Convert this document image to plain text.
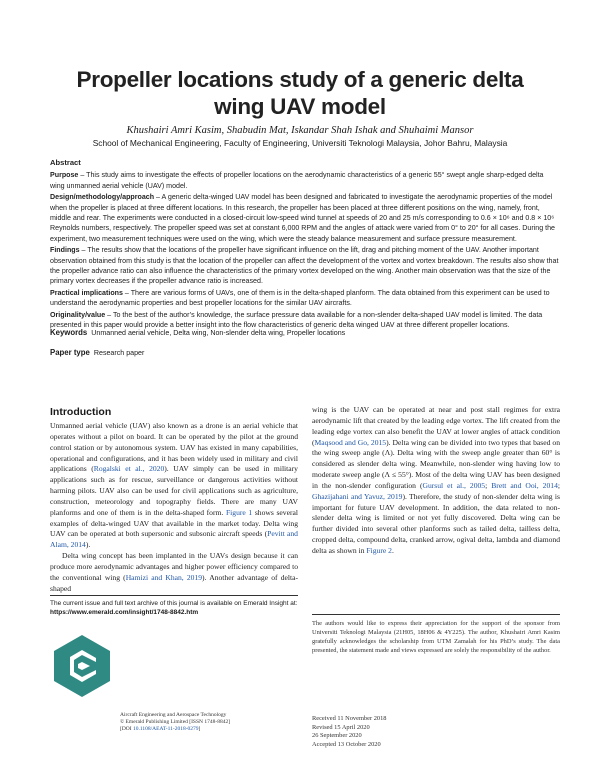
Propeller locations study of a generic delta
wing UAV model
Khushairi Amri Kasim, Shabudin Mat, Iskandar Shah Ishak and Shuhaimi Mansor
School of Mechanical Engineering, Faculty of Engineering, Universiti Teknologi Malaysia, Johor Bahru, Malaysia
Abstract

Purpose – This study aims to investigate the effects of propeller locations on the aerodynamic characteristics of a generic 55° swept angle sharp-edged delta wing unmanned aerial vehicle (UAV) model.

Design/methodology/approach – A generic delta-winged UAV model has been designed and fabricated to investigate the aerodynamic properties of the model when the propeller is placed at three different locations. In this research, the propeller has been placed at three different positions on the wing, namely, front, middle and rear. The experiments were conducted in a closed-circuit low-speed wind tunnel at speeds of 20 and 25 m/s corresponding to 0.6 × 10⁶ and 0.8 × 10⁶ Reynolds numbers, respectively. The propeller speed was set at constant 6,000 RPM and the angles of attack were varied from 0° to 20° for all cases. During the experiment, two measurement techniques were used on the wing, which were the steady balance measurement and surface pressure measurement.

Findings – The results show that the locations of the propeller have significant influence on the lift, drag and pitching moment of the UAV. Another important observation obtained from this study is that the location of the propeller can affect the development of the vortex and vortex breakdown. The results also show that the propeller advance ratio can also influence the characteristics of the primary vortex developed on the wing. Another main observation was that the size of the primary vortex decreases if the propeller advance ratio is increased.

Practical implications – There are various forms of UAVs, one of them is in the delta-shaped planform. The data obtained from this experiment can be used to understand the aerodynamic properties and best propeller locations for the similar UAV aircrafts.

Originality/value – To the best of the author’s knowledge, the surface pressure data available for a non-slender delta-shaped UAV model is limited. The data presented in this paper would provide a better insight into the flow characteristics of generic delta winged UAV at three different propeller locations.

Keywords Unmanned aerial vehicle, Delta wing, Non-slender delta wing, Propeller locations
Paper type Research paper
Introduction

Unmanned aerial vehicle (UAV) also known as a drone is an aerial vehicle that operates without a pilot on board. It can be operated by the pilot at the ground control station or by autonomous system. UAV has existed in many capabilities, operational and configurations, and it has been widely used in military and civil applications (Rogalski et al., 2020). UAV simply can be used in military applications such as for rescue, surveillance or dangerous activities without harming pilots. UAV also can be used for civil applications such as agriculture, construction, meteorology and topography fields. There are many UAV planforms and one of them is in the delta-shaped form. Figure 1 shows several examples of delta-winged UAV that available in the market today. Delta wing UAV can be operated at both supersonic and subsonic aircraft speeds (Pevitt and Alam, 2014).

Delta wing concept has been implanted in the UAVs design because it can produce more aerodynamic advantages and higher power efficiency compared to the conventional wing (Hamizi and Khan, 2019). Another advantage of delta-shaped

The current issue and full text archive of this journal is available on Emerald Insight at: https://www.emerald.com/insight/1748-8842.htm
Aircraft Engineering and Aerospace Technology
© Emerald Publishing Limited [ISSN 1748-8842]
[DOI 10.1108/AEAT-11-2018-0279]

wing is the UAV can be operated at near and post stall regimes for extra aerodynamic lift that created by the leading edge vortex. The lift created from the leading edge vortex can also benefit the UAV at lower angles of attack condition (Maqsood and Go, 2015). Delta wing can be divided into two types that based on the wing sweep angle (Λ). Delta wing with the sweep angle greater than 60° is considered as slender delta wing. Meanwhile, non-slender wing having low to moderate sweep angle (Λ ≤ 55°). Most of the delta wing UAV has been designed in the non-slender configuration (Gursul et al., 2005; Brett and Ooi, 2014; Ghazijahani and Yavuz, 2019). Therefore, the study of non-slender delta wing is important for future UAV development. In addition, the data related to non-slender delta wing is limited or not yet fully discovered. Delta wing can be further divided into several other planforms such as tailed delta, tailless delta, cropped delta, compound delta, cranked arrow, ogival delta, lambda and diamond delta as shown in Figure 2.

The authors would like to express their appreciation for the support of the sponsor from Universiti Teknologi Malaysia (21H05, 18H06 & 4Y225). The author, Khushairi Amri Kasim gratefully acknowledges the scholarship from UTM Zamalah for his PhD’s study. The data presented, the statement made and views expressed are solely the responsibility of the author.
Received 11 November 2018
Revised 15 April 2020
26 September 2020
Accepted 13 October 2020
